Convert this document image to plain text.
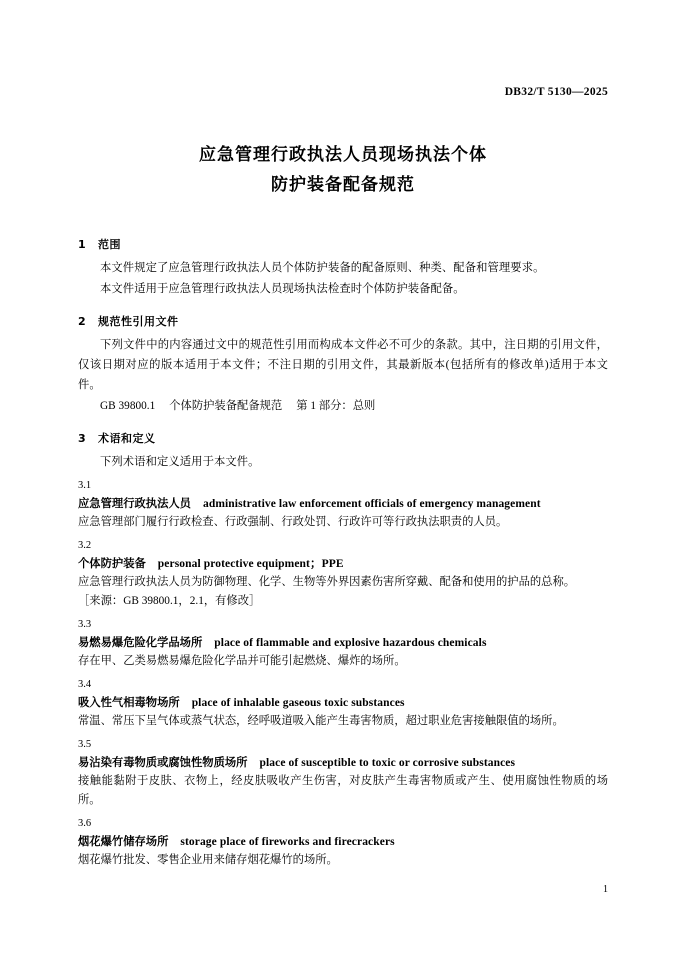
DB32/T 5130—2025
应急管理行政执法人员现场执法个体
防护装备配备规范
1 范围

本文件规定了应急管理行政执法人员个体防护装备的配备原则、种类、配备和管理要求。

本文件适用于应急管理行政执法人员现场执法检查时个体防护装备配备。

2 规范性引用文件

下列文件中的内容通过文中的规范性引用而构成本文件必不可少的条款。其中，注日期的引用文件，仅该日期对应的版本适用于本文件；不注日期的引用文件，其最新版本(包括所有的修改单)适用于本文件。

GB 39800.1 个体防护装备配备规范 第 1 部分：总则

3 术语和定义

下列术语和定义适用于本文件。

3.1
应急管理行政执法人员 administrative law enforcement officials of emergency management

应急管理部门履行行政检查、行政强制、行政处罚、行政许可等行政执法职责的人员。

3.2
个体防护装备 personal protective equipment；PPE

应急管理行政执法人员为防御物理、化学、生物等外界因素伤害所穿戴、配备和使用的护品的总称。

［来源：GB 39800.1，2.1，有修改］

3.3
易燃易爆危险化学品场所 place of flammable and explosive hazardous chemicals

存在甲、乙类易燃易爆危险化学品并可能引起燃烧、爆炸的场所。

3.4
吸入性气相毒物场所 place of inhalable gaseous toxic substances

常温、常压下呈气体或蒸气状态，经呼吸道吸入能产生毒害物质，超过职业危害接触限值的场所。

3.5
易沾染有毒物质或腐蚀性物质场所 place of susceptible to toxic or corrosive substances

接触能黏附于皮肤、衣物上，经皮肤吸收产生伤害，对皮肤产生毒害物质或产生、使用腐蚀性物质的场所。

3.6
烟花爆竹储存场所 storage place of fireworks and firecrackers

烟花爆竹批发、零售企业用来储存烟花爆竹的场所。

1
